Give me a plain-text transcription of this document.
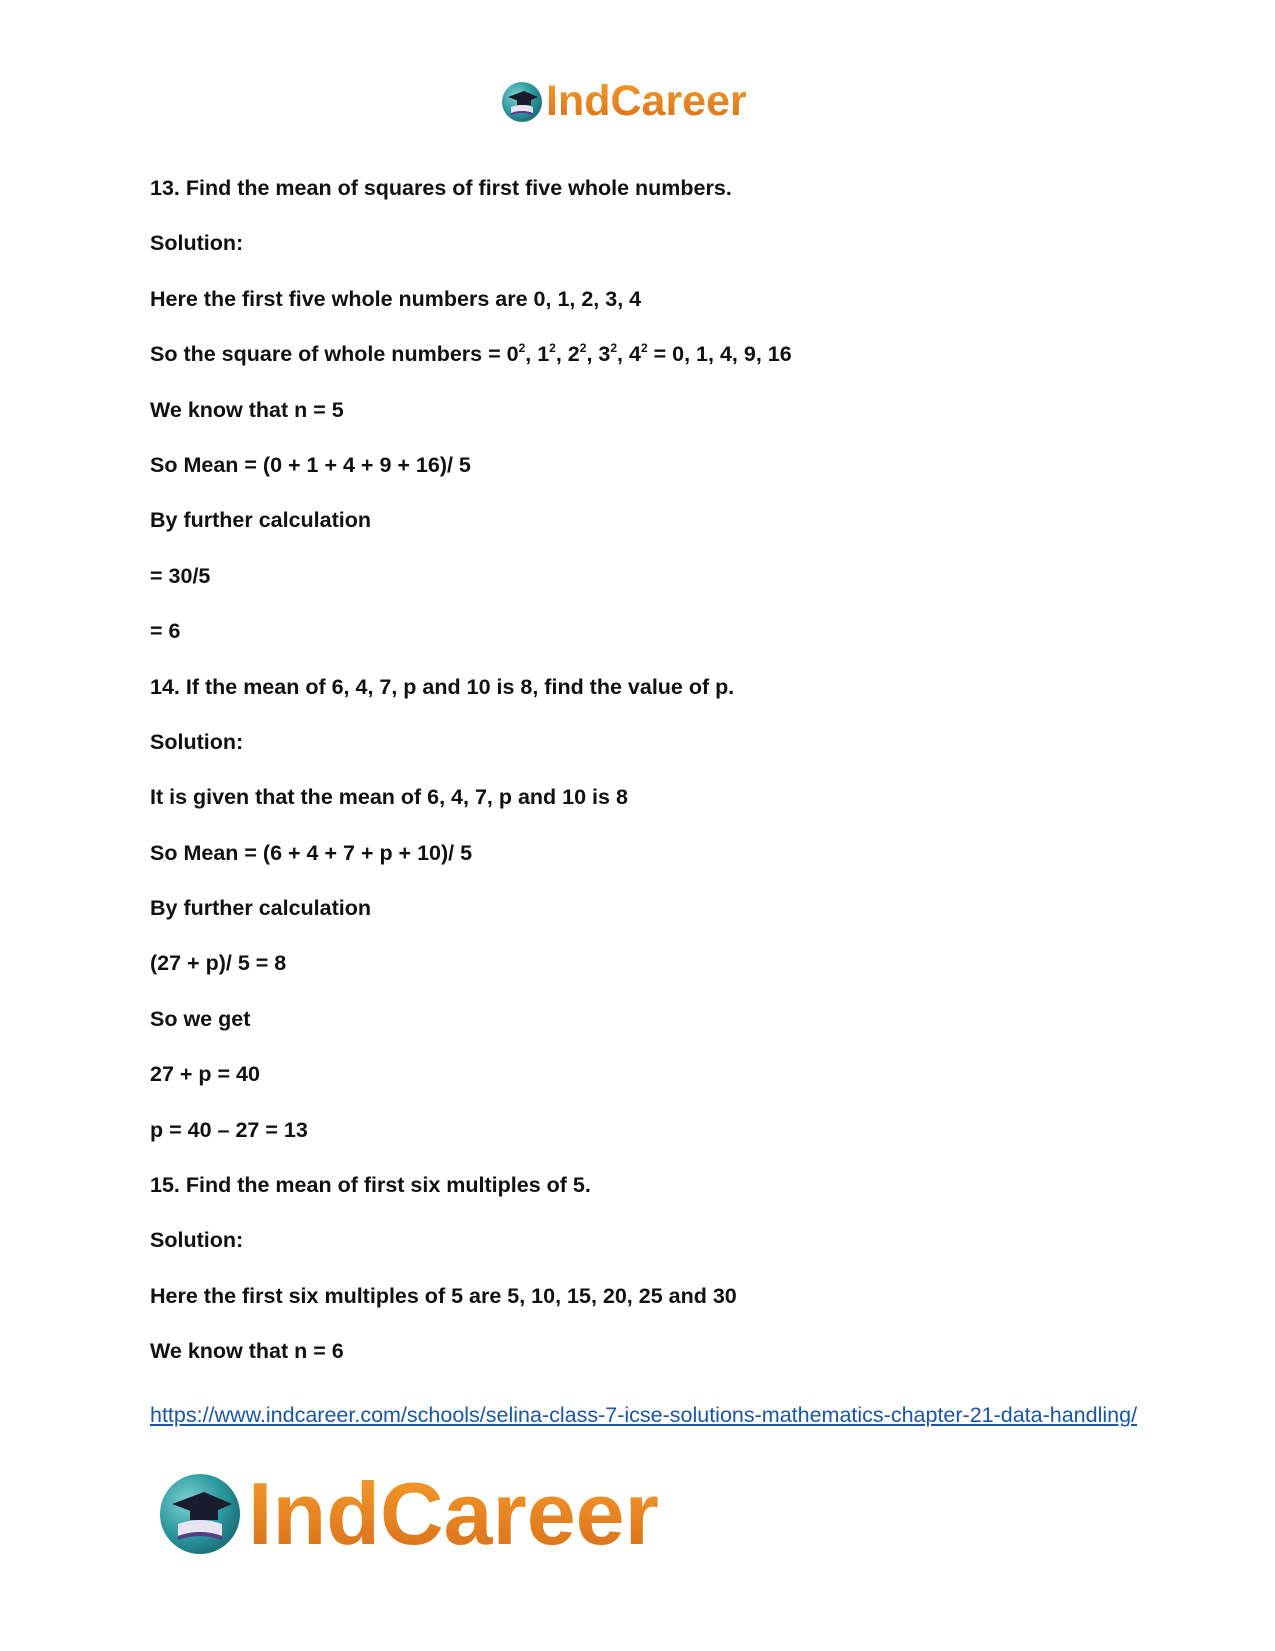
IndCareer
13. Find the mean of squares of first five whole numbers.
Solution:
Here the first five whole numbers are 0, 1, 2, 3, 4
So the square of whole numbers = $0^2$, $1^2$, $2^2$, $3^2$, $4^2 = 0$, 1, 4, 9, 16
We know that n = 5
So Mean = (0 + 1 + 4 + 9 + 16)/ 5
By further calculation
= 30/5
= 6
14. If the mean of 6, 4, 7, p and 10 is 8, find the value of p.
Solution:
It is given that the mean of 6, 4, 7, p and 10 is 8
So Mean = (6 + 4 + 7 + p + 10)/ 5
By further calculation
(27 + p)/ 5 = 8
So we get
27 + p = 40
p = 40 – 27 = 13
15. Find the mean of first six multiples of 5.
Solution:
Here the first six multiples of 5 are 5, 10, 15, 20, 25 and 30
We know that n = 6
https://www.indcareer.com/schools/selina-class-7-icse-solutions-mathematics-chapter-21-data-handling/
IndCareer
